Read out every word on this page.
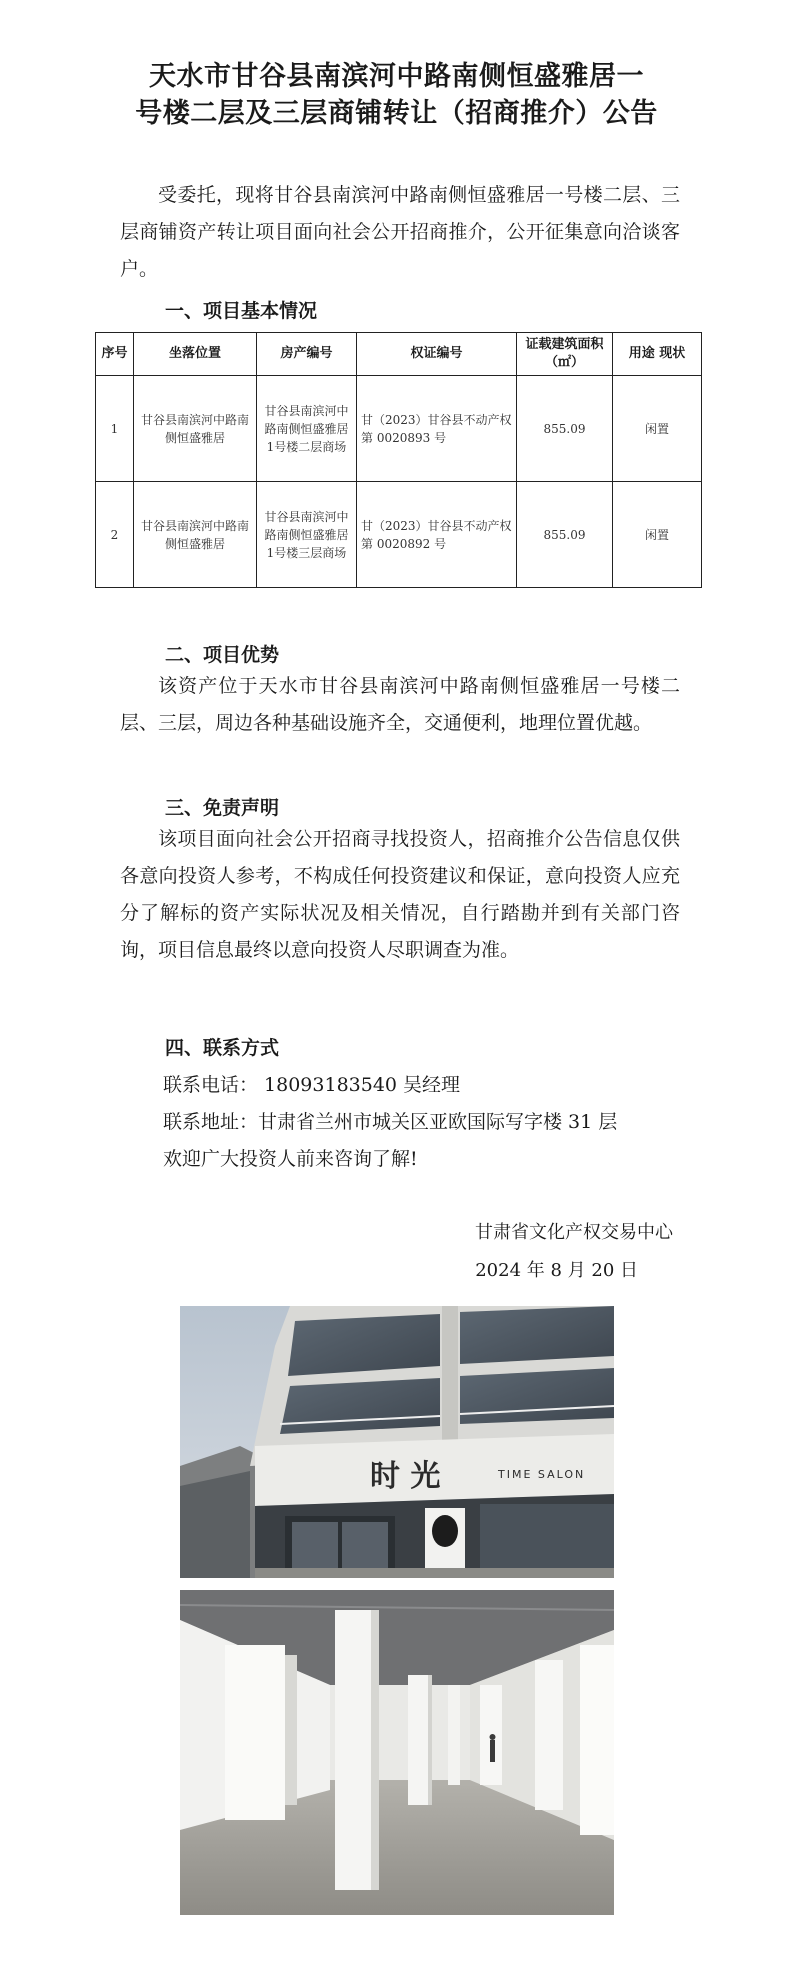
天水市甘谷县南滨河中路南侧恒盛雅居一
号楼二层及三层商铺转让（招商推介）公告
受委托，现将甘谷县南滨河中路南侧恒盛雅居一号楼二层、三层商铺资产转让项目面向社会公开招商推介，公开征集意向洽谈客户。
一、项目基本情况
序号	坐落位置	房产编号	权证编号	证载建筑面积（㎡）	用途 现状
1	甘谷县南滨河中路南侧恒盛雅居	甘谷县南滨河中路南侧恒盛雅居1号楼二层商场	甘（2023）甘谷县不动产权第 0020893 号	855.09	闲置
2	甘谷县南滨河中路南侧恒盛雅居	甘谷县南滨河中路南侧恒盛雅居1号楼三层商场	甘（2023）甘谷县不动产权第 0020892 号	855.09	闲置
二、项目优势
该资产位于天水市甘谷县南滨河中路南侧恒盛雅居一号楼二层、三层，周边各种基础设施齐全，交通便利，地理位置优越。
三、免责声明
该项目面向社会公开招商寻找投资人，招商推介公告信息仅供各意向投资人参考，不构成任何投资建议和保证，意向投资人应充分了解标的资产实际状况及相关情况，自行踏勘并到有关部门咨询，项目信息最终以意向投资人尽职调查为准。
四、联系方式
联系电话： 18093183540 吴经理
联系地址：甘肃省兰州市城关区亚欧国际写字楼 31 层
欢迎广大投资人前来咨询了解!
甘肃省文化产权交易中心
2024 年 8 月 20 日
时 光	TIME SALON
